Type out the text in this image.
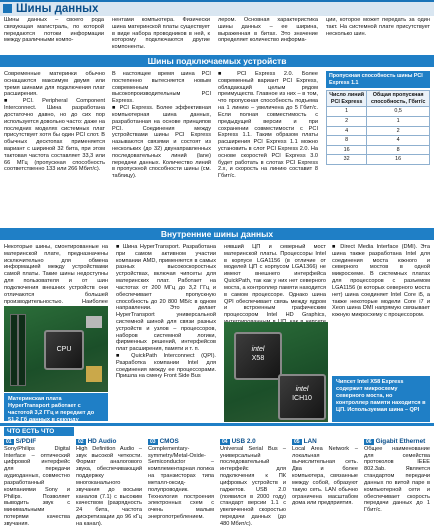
Шины данных
Шины данных – своего рода связующая магистраль, по которой передаются потоки информации между различными компо-
нентами компьютера. Физически шина материнской платы существует в виде набора проводников в ней, к которому подключаются другие компоненты.
лером. Основная характеристика шины данных – ее ширина, выраженная в битах. Это значение определяет количество информа-
ции, которое может передать за один такт. На системной плате присутствует несколько шин.
Шины подключаемых устройств
Современные материнки обычно оснащаются максимум двумя или тремя шинами для подключения плат расширения.
■ PCI. Peripheral Component Interconnect. Шина разработана достаточно давно, но до сих пор используется довольно часто: даже на последних моделях системных плат присутствует хотя бы один PCI слот. В обычных десктопах применяется вариант с шириной 32 бита, при этом тактовая частота составляет 33,3 или 66 МГц (пропускная способность соответственно 133 или 266 Мбит/с).
В настоящее время шина PCI постепенно вытесняется новым современным высокопроизводительным PCI Express.
■ PCI Express. Более эффективная компьютерная шина данных, разработанная на основе принципов PCI. Соединения между устройствами шины PCI Express называются связями и состоят из нескольких (до 32) двунаправленных последовательных линий (lane) передачи данных. Количество линий в пропускной способности шины (см. таблицу).
■ PCI Express 2.0. Более современный вариант PCI Express, обладающий целым рядом преимуществ. Главное из них – в том, что пропускная способность подъема на 1 линию – увеличена до 5 Гбит/с. Если полная совместимость с предыдущей версии и при сохранении совместимости с PCI Express 1.1. Таким образом платы расширения PCI Express 1.1 можно установить в слот PCI Express 2.0. На основе скоростей PCI Express 3.0 будет работать в слотах PCI Express 2.x, и скорость на линию составит 8 Гбит/с.
Пропускная способность шины PCI Express 1.1
Число линий PCI Express	Общая пропускная способность, Гбит/с
1	0,5
2	1
4	2
8	4
16	8
32	16
Внутренние шины данных
Некоторые шины, смонтированные на материнской плате, предназначены исключительно для обмена информацией между устройствами самой платы. Такие шины недоступны для пользователя и от шин подключения внешних устройств они отличаются большей производительностью. Наиболее
■ Шина HyperTransport. Разработана при самом активном участии компании AMD, применяется в самых разных высокоскоростных устройствах, включая чипсеты для материнских плат. Работает на частотах от 200 МГц до 3,2 ГГц и обеспечивает пропускную способность до 20 800 МБ/с в одном направлении. Это делает HyperTransport универсальной системной шиной для связи разных устройств и узлов – процессоров, наборов системной логики, фирменных решений, интерфейсов плат расширения, памяти и т. п.
■ QuickPath Interconnect (QPI). Разработка компании Intel для соединения между ее процессорами. Пришла на смену Front Side Bus
нявший ЦП и северный мост материнской платы. Процессоры Intel в корпусе LGA1156 (в отличие от моделей ЦП с корпусом LGA1366) не имеют внешнего интерфейса QuickPath, так как у них нет северного моста, а контроллер памяти находится в самом процессоре. Однако шина QPI обеспечивает связь между ядром и встроенным графическим процессором Intel HD Graphics,
■ Direct Media Interface (DMI). Эта шина также разработана Intel для соединения моста южного и северного мостов в одной микросхеме. В системных платах для процессоров с разъемом LGA1156 (в которых северного моста нет) шина соединяет Intel Core i5, а также некоторые модели Core i7 и Xeon шина DMI напрямую связывает южную микросхему с процессором.
CPU
Материнская плата HyperTransport работает с частотой 3,2 ГГц и передает до 51,2 Гб данных в секунду
intel
X58
intel
ICH10
Чипсет Intel X58 Express содержит микросхему северного моста, но контроллер памяти находится в ЦП. Используемая шина – QPI
ЧТО ЕСТЬ ЧТО
01 S/PDIF
Sony/Philips Digital Interface – оптический цифровой интерфейс для передачи аудиоданных, совместно разработанный компаниями Sony и Philips. Позволяет выводить звук с минимальными потерями качества звучания.
02 HD Audio
High Definition Audio – звук высокой четкости. Формат аналогового звука, обеспечивающий поддержку многоканального звучания до восьми каналов (7.1) с высоким качеством (разрядность 24 бита, частота дискретизации до 96 кГц на канал).
03 CMOS
Complementary-symmetry/Metal-Oxide-Semiconductor – комплементарная логика на транзисторах типа металл-оксид-полупроводник. Технология построения электронных схем с очень малым энергопотреблением.
04 USB 2.0
Universal Serial Bus – универсальный последовательный интерфейс для подключения к ПК цифровых устройств и гаджетов. USB 2.0 (появился в 2000 году) стандарт версии 1.1 с увеличенной скоростью передачи данных (до 480 Мбит/с).
05 LAN
Local Area Network – локальная вычислительная сеть. Два и более компьютера, связанные между собой, образуют такую сеть. LAN обычно ограничена масштабом дома или предприятия.
06 Gigabit Ethernet
Общее наименование для семейства протоколов IEEE 802.3ab. Является стандартом передачи данных по витой паре в компьютерной сети и обеспечивает скорость передачи данных до 1 Гбит/с.
